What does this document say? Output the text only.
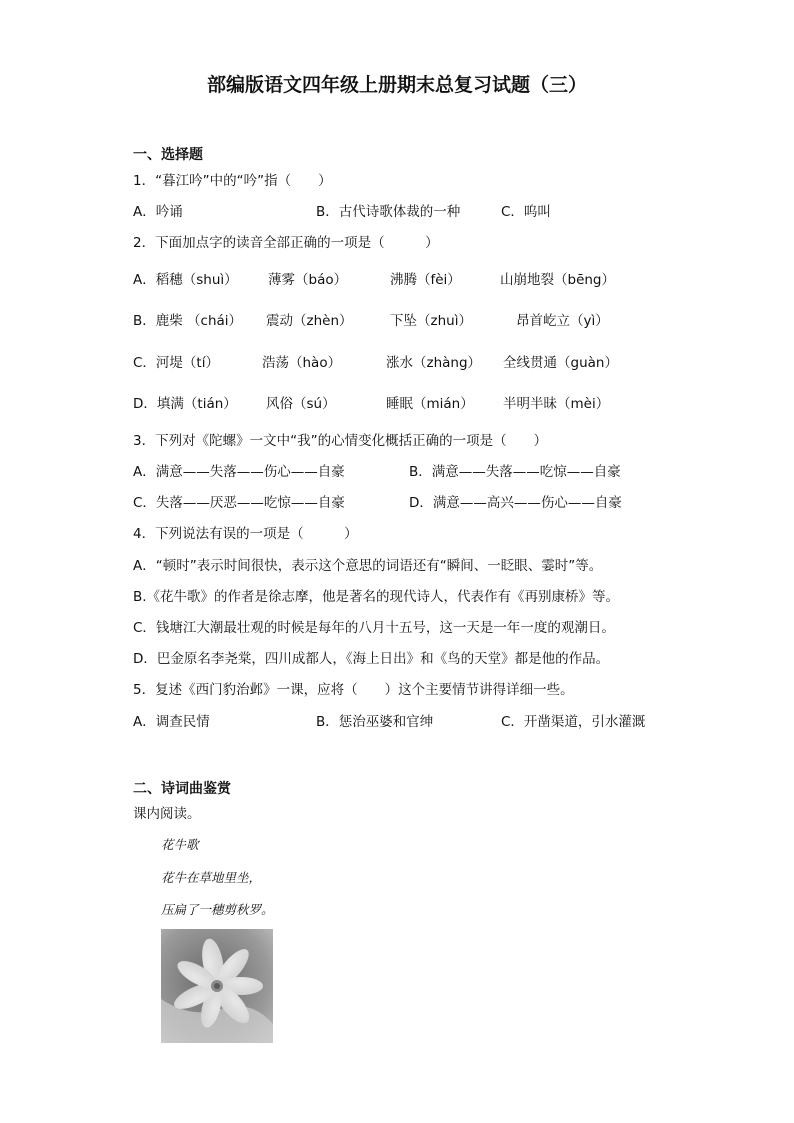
部编版语文四年级上册期末总复习试题（三）
一、选择题
1．“暮江吟”中的“吟”指（　　）
A．吟诵	B．古代诗歌体裁的一种	C．呜叫
2．下面加点字的读音全部正确的一项是（　　　）
A．稻穗（shuì） 薄雾（báo）	沸腾（fèi）	山崩地裂（bēng）
B．鹿柴 （chái） 震动（zhèn）	下坠（zhuì）	昂首屹立（yì）
C．河堤（tí）	浩荡（hào）	涨水（zhàng） 全线贯通（guàn）
D．填满（tián） 风俗（sú）	睡眠（mián） 半明半昧（mèi）
3．下列对《陀螺》一文中“我”的心情变化概括正确的一项是（　　）
A．满意——失落——伤心——自豪	B．满意——失落——吃惊——自豪
C．失落——厌恶——吃惊——自豪	D．满意——高兴——伤心——自豪
4．下列说法有误的一项是（　　　）
A．“顿时”表示时间很快，表示这个意思的词语还有“瞬间、一眨眼、霎时”等。
B.《花牛歌》的作者是徐志摩，他是著名的现代诗人，代表作有《再别康桥》等。
C．钱塘江大潮最壮观的时候是每年的八月十五号，这一天是一年一度的观潮日。
D．巴金原名李尧棠，四川成都人，《海上日出》和《鸟的天堂》都是他的作品。
5．复述《西门豹治邺》一课，应将（　　）这个主要情节讲得详细一些。
A．调查民情	B．惩治巫婆和官绅	C．开凿渠道，引水灌溉
二、诗词曲鉴赏
课内阅读。
花牛歌
花牛在草地里坐，
压扁了一穗剪秋罗。
